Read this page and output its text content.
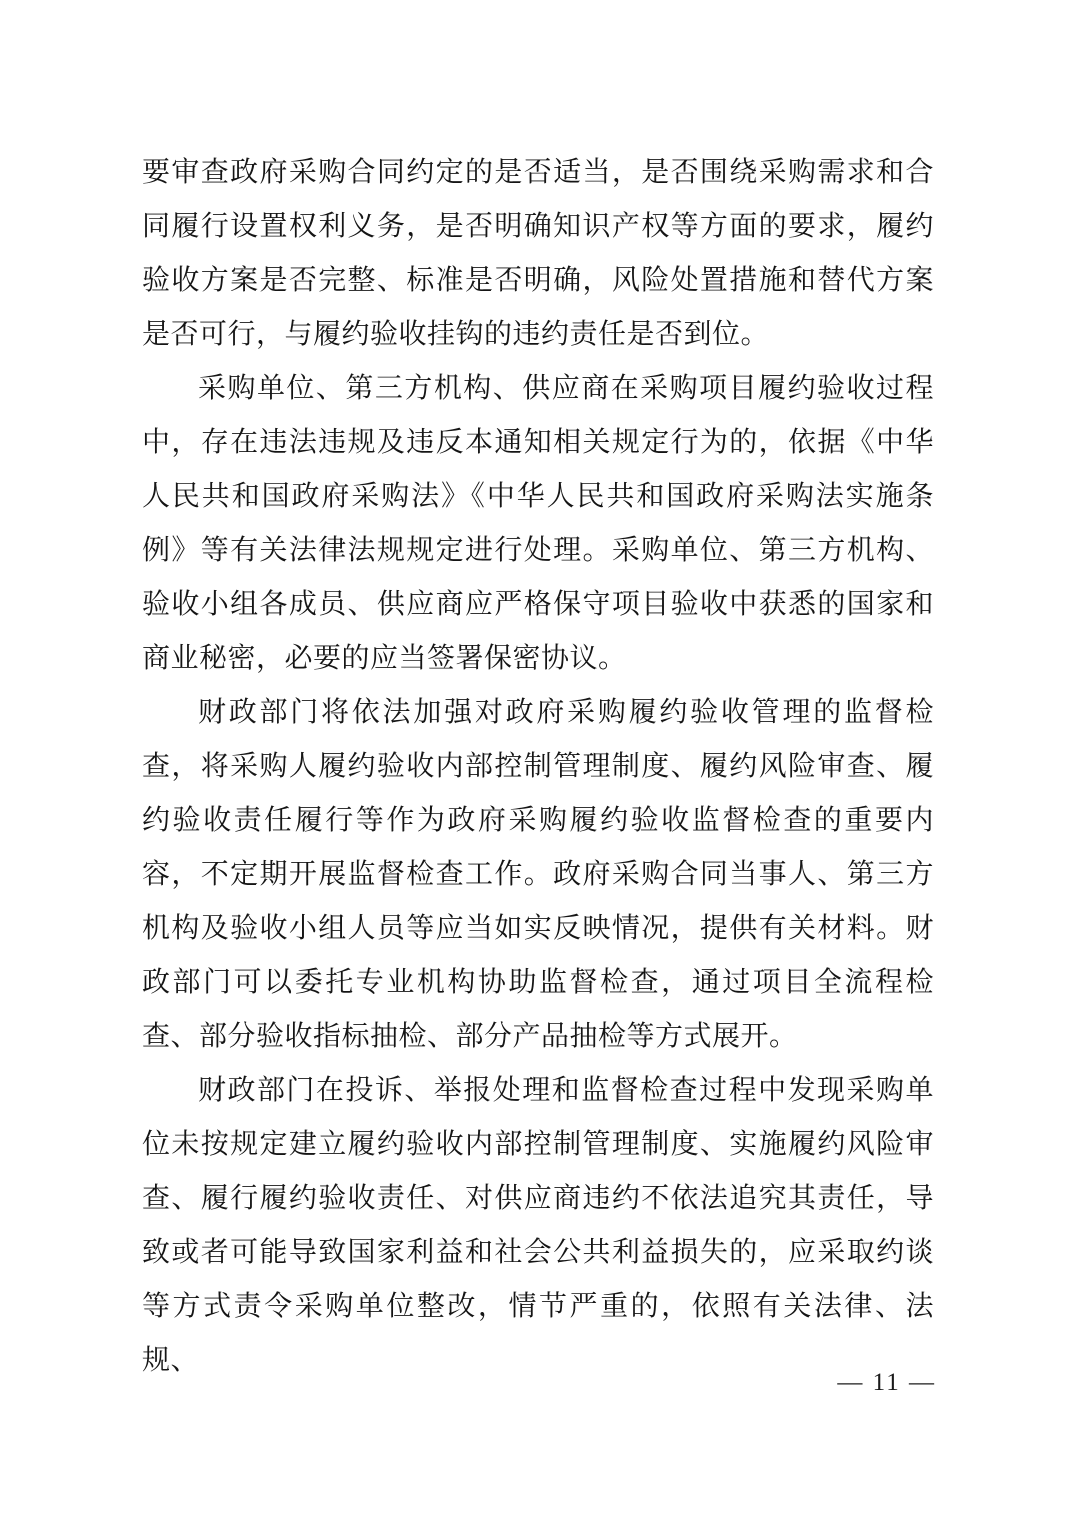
要审查政府采购合同约定的是否适当，是否围绕采购需求和合同履行设置权利义务，是否明确知识产权等方面的要求，履约验收方案是否完整、标准是否明确，风险处置措施和替代方案是否可行，与履约验收挂钩的违约责任是否到位。

采购单位、第三方机构、供应商在采购项目履约验收过程中，存在违法违规及违反本通知相关规定行为的，依据《中华人民共和国政府采购法》《中华人民共和国政府采购法实施条例》等有关法律法规规定进行处理。采购单位、第三方机构、验收小组各成员、供应商应严格保守项目验收中获悉的国家和商业秘密，必要的应当签署保密协议。

财政部门将依法加强对政府采购履约验收管理的监督检查，将采购人履约验收内部控制管理制度、履约风险审查、履约验收责任履行等作为政府采购履约验收监督检查的重要内容，不定期开展监督检查工作。政府采购合同当事人、第三方机构及验收小组人员等应当如实反映情况，提供有关材料。财政部门可以委托专业机构协助监督检查，通过项目全流程检查、部分验收指标抽检、部分产品抽检等方式展开。

财政部门在投诉、举报处理和监督检查过程中发现采购单位未按规定建立履约验收内部控制管理制度、实施履约风险审查、履行履约验收责任、对供应商违约不依法追究其责任，导致或者可能导致国家利益和社会公共利益损失的，应采取约谈等方式责令采购单位整改，情节严重的，依照有关法律、法规、

— 11 —
